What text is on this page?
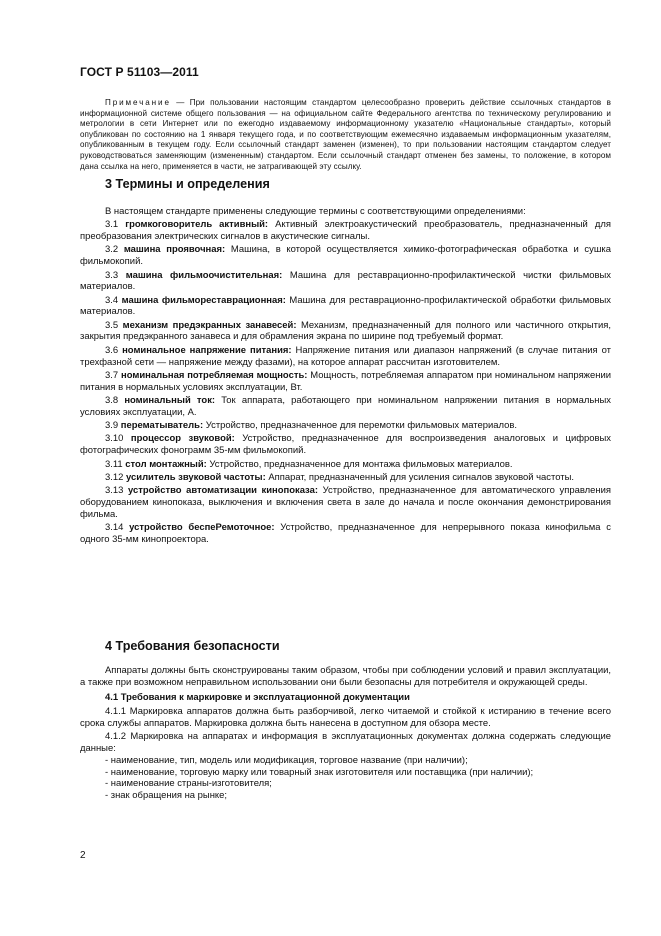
ГОСТ Р 51103—2011
Примечание — При пользовании настоящим стандартом целесообразно проверить действие ссылочных стандартов в информационной системе общего пользования — на официальном сайте Федерального агентства по техническому регулированию и метрологии в сети Интернет или по ежегодно издаваемому информационному указателю «Национальные стандарты», который опубликован по состоянию на 1 января текущего года, и по соответствующим ежемесячно издаваемым информационным указателям, опубликованным в текущем году. Если ссылочный стандарт заменен (изменен), то при пользовании настоящим стандартом следует руководствоваться заменяющим (измененным) стандартом. Если ссылочный стандарт отменен без замены, то положение, в котором дана ссылка на него, применяется в части, не затрагивающей эту ссылку.
3 Термины и определения

В настоящем стандарте применены следующие термины с соответствующими определениями:

3.1 громкоговоритель активный: Активный электроакустический преобразователь, предназначенный для преобразования электрических сигналов в акустические сигналы.

3.2 машина проявочная: Машина, в которой осуществляется химико-фотографическая обработка и сушка фильмокопий.

3.3 машина фильмоочистительная: Машина для реставрационно-профилактической чистки фильмовых материалов.

3.4 машина фильмореставрационная: Машина для реставрационно-профилактической обработки фильмовых материалов.

3.5 механизм предэкранных занавесей: Механизм, предназначенный для полного или частичного открытия, закрытия предэкранного занавеса и для обрамления экрана по ширине под требуемый формат.

3.6 номинальное напряжение питания: Напряжение питания или диапазон напряжений (в случае питания от трехфазной сети — напряжение между фазами), на которое аппарат рассчитан изготовителем.

3.7 номинальная потребляемая мощность: Мощность, потребляемая аппаратом при номинальном напряжении питания в нормальных условиях эксплуатации, Вт.

3.8 номинальный ток: Ток аппарата, работающего при номинальном напряжении питания в нормальных условиях эксплуатации, А.

3.9 перематыватель: Устройство, предназначенное для перемотки фильмовых материалов.

3.10 процессор звуковой: Устройство, предназначенное для воспроизведения аналоговых и цифровых фотографических фонограмм 35-мм фильмокопий.

3.11 стол монтажный: Устройство, предназначенное для монтажа фильмовых материалов.

3.12 усилитель звуковой частоты: Аппарат, предназначенный для усиления сигналов звуковой частоты.

3.13 устройство автоматизации кинопоказа: Устройство, предназначенное для автоматического управления оборудованием кинопоказа, выключения и включения света в зале до начала и после окончания демонстрирования фильма.

3.14 устройство беспеРемоточное: Устройство, предназначенное для непрерывного показа кинофильма с одного 35-мм кинопроектора.

4 Требования безопасности

Аппараты должны быть сконструированы таким образом, чтобы при соблюдении условий и правил эксплуатации, а также при возможном неправильном использовании они были безопасны для потребителя и окружающей среды.

4.1 Требования к маркировке и эксплуатационной документации

4.1.1 Маркировка аппаратов должна быть разборчивой, легко читаемой и стойкой к истиранию в течение всего срока службы аппаратов. Маркировка должна быть нанесена в доступном для обзора месте.

4.1.2 Маркировка на аппаратах и информация в эксплуатационных документах должна содержать следующие данные:

- наименование, тип, модель или модификация, торговое название (при наличии);
- наименование, торговую марку или товарный знак изготовителя или поставщика (при наличии);
- наименование страны-изготовителя;
- знак обращения на рынке;
2
